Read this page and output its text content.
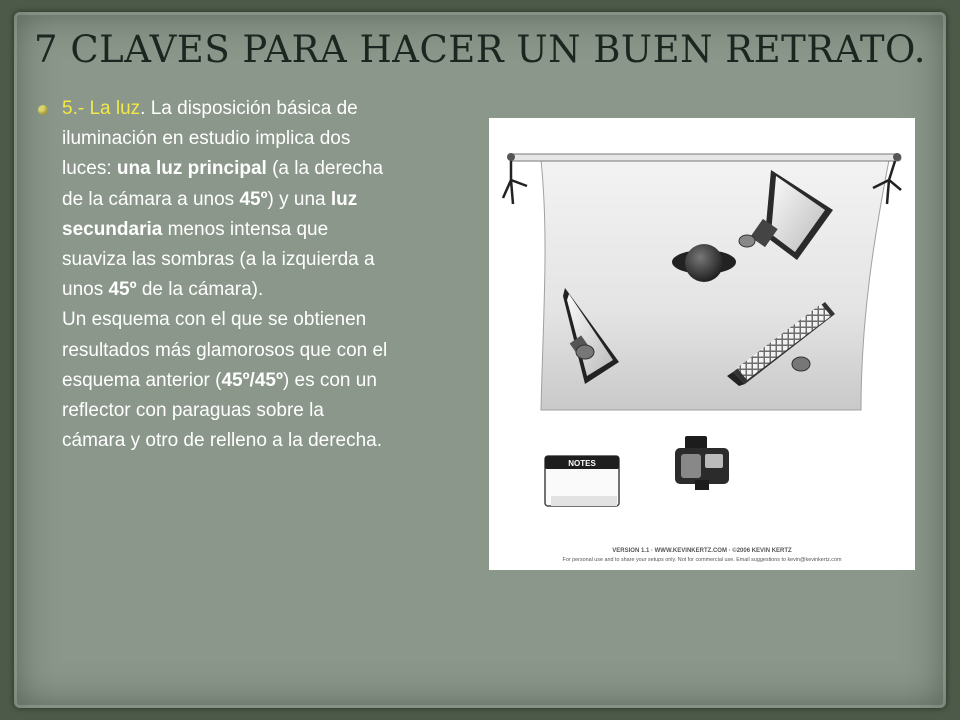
7 CLAVES PARA HACER UN BUEN RETRATO.

5.- La luz. La disposición básica de iluminación en estudio implica dos luces: una luz principal (a la derecha de la cámara a unos 45º) y una luz secundaria menos intensa que suaviza las sombras (a la izquierda a unos 45º de la cámara).

Un esquema con el que se obtienen resultados más glamorosos que con el esquema anterior (45º/45º) es con un reflector con paraguas sobre la cámara y otro de relleno a la derecha.

NOTES
VERSION 1.1 · WWW.KEVINKERTZ.COM · ©2006 KEVIN KERTZ
For personal use and to share your setups only. Not for commercial use. Email suggestions to kevin@kevinkertz.com
